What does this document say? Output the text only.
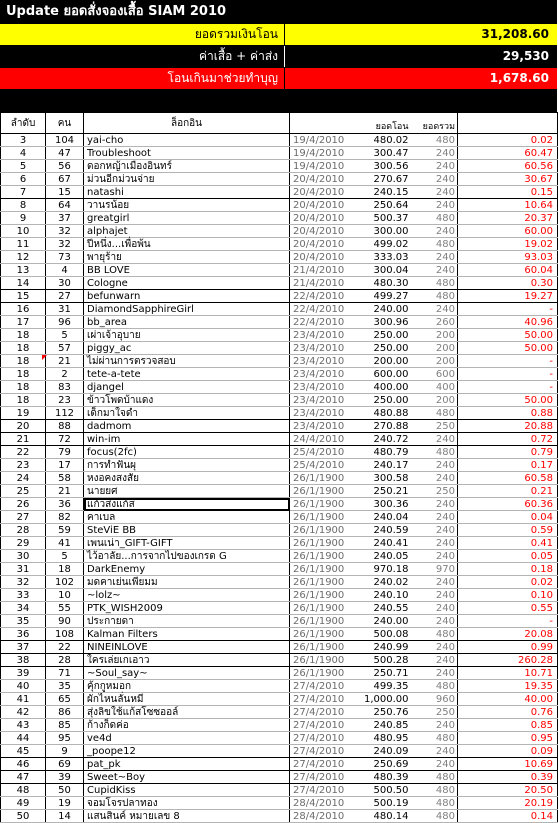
Update ยอดสั่งจองเสื้อ SIAM 2010
ยอดรวมเงินโอน	31,208.60
ค่าเสื้อ + ค่าส่ง	29,530
โอนเกินมาช่วยทำบุญ	1,678.60
ลำดับ	คน	ล็อกอิน		ยอดโอน	ยอดรวม	
3	104	yai-cho	19/4/2010	480.02	480	0.02
4	47	Troubleshoot	19/4/2010	300.47	240	60.47
5	56	ดอกหญ้าเมืองอินทร์	19/4/2010	300.56	240	60.56
6	67	ม่วนอีกม่วนจ่าย	20/4/2010	270.67	240	30.67
7	15	natashi	20/4/2010	240.15	240	0.15
8	64	วานรน้อย	20/4/2010	250.64	240	10.64
9	37	greatgirl	20/4/2010	500.37	480	20.37
10	32	alphajet	20/4/2010	300.00	240	60.00
11	32	ปีหนึ่ง...เพื่อพ้น	20/4/2010	499.02	480	19.02
12	73	พายุร้าย	20/4/2010	333.03	240	93.03
13	4	BB LOVE	21/4/2010	300.04	240	60.04
14	30	Cologne	21/4/2010	480.30	480	0.30
15	27	befunwarn	22/4/2010	499.27	480	19.27
16	31	DiamondSapphireGirl	22/4/2010	240.00	240	-
17	96	bb_area	22/4/2010	300.96	260	40.96
18	5	เผ่าเจ้าอุบาย	23/4/2010	250.00	200	50.00
18	57	piggy_ac	23/4/2010	250.00	200	50.00
18	21	ไม่ผ่านการตรวจสอบ	23/4/2010	200.00	200	-
18	2	tete-a-tete	23/4/2010	600.00	600	-
18	83	djangel	23/4/2010	400.00	400	-
18	23	ข้าวโพดบ้าแดง	23/4/2010	250.00	200	50.00
19	112	เด็กมาใจดำ	23/4/2010	480.88	480	0.88
20	88	dadmom	23/4/2010	270.88	250	20.88
21	72	win-im	24/4/2010	240.72	240	0.72
22	79	focus(2fc)	25/4/2010	480.79	480	0.79
23	17	การทำฟันผุ	25/4/2010	240.17	240	0.17
24	58	หงอคงสงสัย	26/1/1900	300.58	240	60.58
25	21	นายยศ	26/1/1900	250.21	250	0.21
26	36	แก้วส่งแก้ส	26/1/1900	300.36	240	60.36
27	82	คาเบล	26/1/1900	240.04	240	0.04
28	59	SteViE BB	26/1/1900	240.59	240	0.59
29	41	เพนเน่า_GIFT-GIFT	26/1/1900	240.41	240	0.41
30	5	ไว้อาลัย...การจากไปของเกรด G	26/1/1900	240.05	240	0.05
31	18	DarkEnemy	26/1/1900	970.18	970	0.18
32	102	มดคาเย่นเพียมม	26/1/1900	240.02	240	0.02
33	10	~lolz~	26/1/1900	240.10	240	0.10
34	55	PTK_WISH2009	26/1/1900	240.55	240	0.55
35	90	ประกายดา	26/1/1900	240.00	240	-
36	108	Kalman Filters	26/1/1900	500.08	480	20.08
37	22	NINEINLOVE	26/1/1900	240.99	240	0.99
38	28	ใครเล่ยเกเอาว	26/1/1900	500.28	240	260.28
39	71	~Soul_say~	26/1/1900	250.71	240	10.71
40	35	คุ้กกูหมอก	27/4/2010	499.35	480	19.35
41	65	ผักไหนลั่นหมี	27/4/2010	1,000.00	960	40.00
42	86	สุ่งลิขใช้แก้สโซซออล์	27/4/2010	250.76	250	0.76
43	85	ก้างก็ดค่อ	27/4/2010	240.85	240	0.85
44	95	ve4d	27/4/2010	480.95	480	0.95
45	9	_poope12	27/4/2010	240.09	240	0.09
46	69	pat_pk	27/4/2010	250.69	240	10.69
47	39	Sweet~Boy	27/4/2010	480.39	480	0.39
48	50	CupidKiss	27/4/2010	500.50	480	20.50
49	19	จอมโจรปลาทอง	28/4/2010	500.19	480	20.19
50	14	แสนสินค์ หมายเลข 8	28/4/2010	480.14	480	0.14
